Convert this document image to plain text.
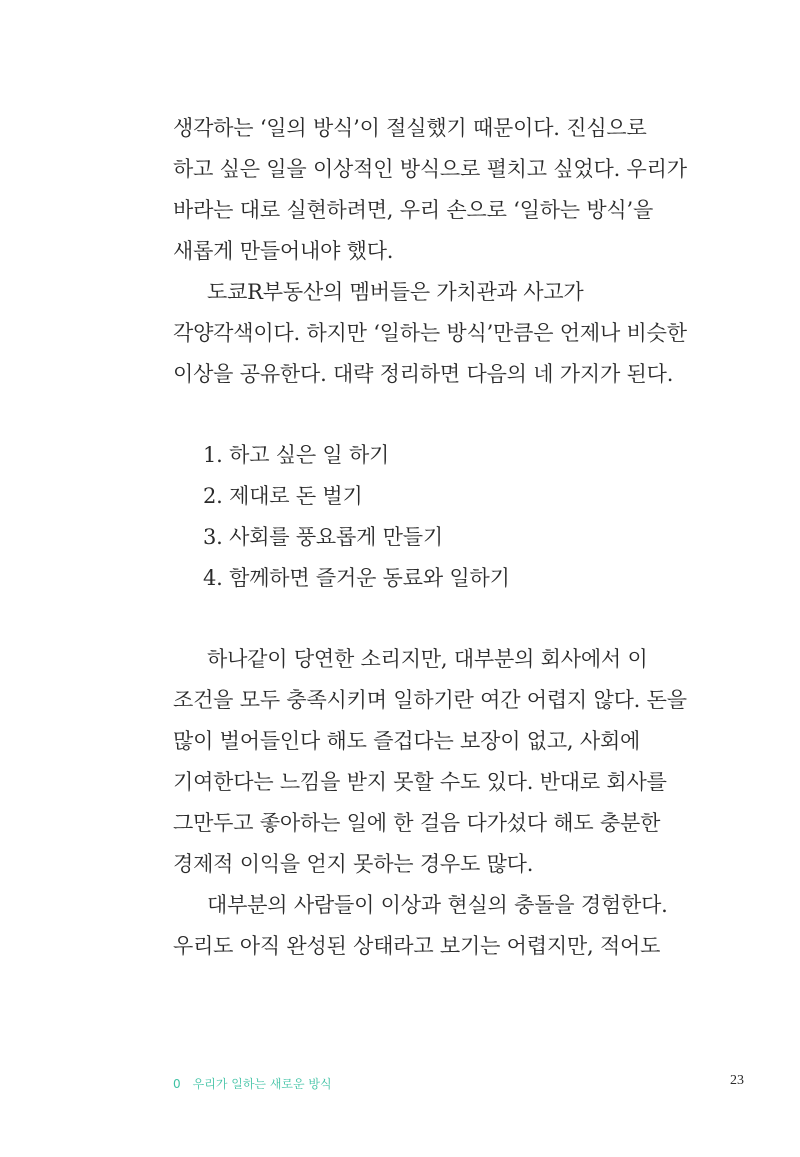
생각하는 ‘일의 방식’이 절실했기 때문이다. 진심으로
하고 싶은 일을 이상적인 방식으로 펼치고 싶었다. 우리가
바라는 대로 실현하려면, 우리 손으로 ‘일하는 방식’을
새롭게 만들어내야 했다.
도쿄R부동산의 멤버들은 가치관과 사고가
각양각색이다. 하지만 ‘일하는 방식’만큼은 언제나 비슷한
이상을 공유한다. 대략 정리하면 다음의 네 가지가 된다.
1. 하고 싶은 일 하기
2. 제대로 돈 벌기
3. 사회를 풍요롭게 만들기
4. 함께하면 즐거운 동료와 일하기
하나같이 당연한 소리지만, 대부분의 회사에서 이
조건을 모두 충족시키며 일하기란 여간 어렵지 않다. 돈을
많이 벌어들인다 해도 즐겁다는 보장이 없고, 사회에
기여한다는 느낌을 받지 못할 수도 있다. 반대로 회사를
그만두고 좋아하는 일에 한 걸음 다가섰다 해도 충분한
경제적 이익을 얻지 못하는 경우도 많다.
대부분의 사람들이 이상과 현실의 충돌을 경험한다.
우리도 아직 완성된 상태라고 보기는 어렵지만, 적어도
0 우리가 일하는 새로운 방식	23
